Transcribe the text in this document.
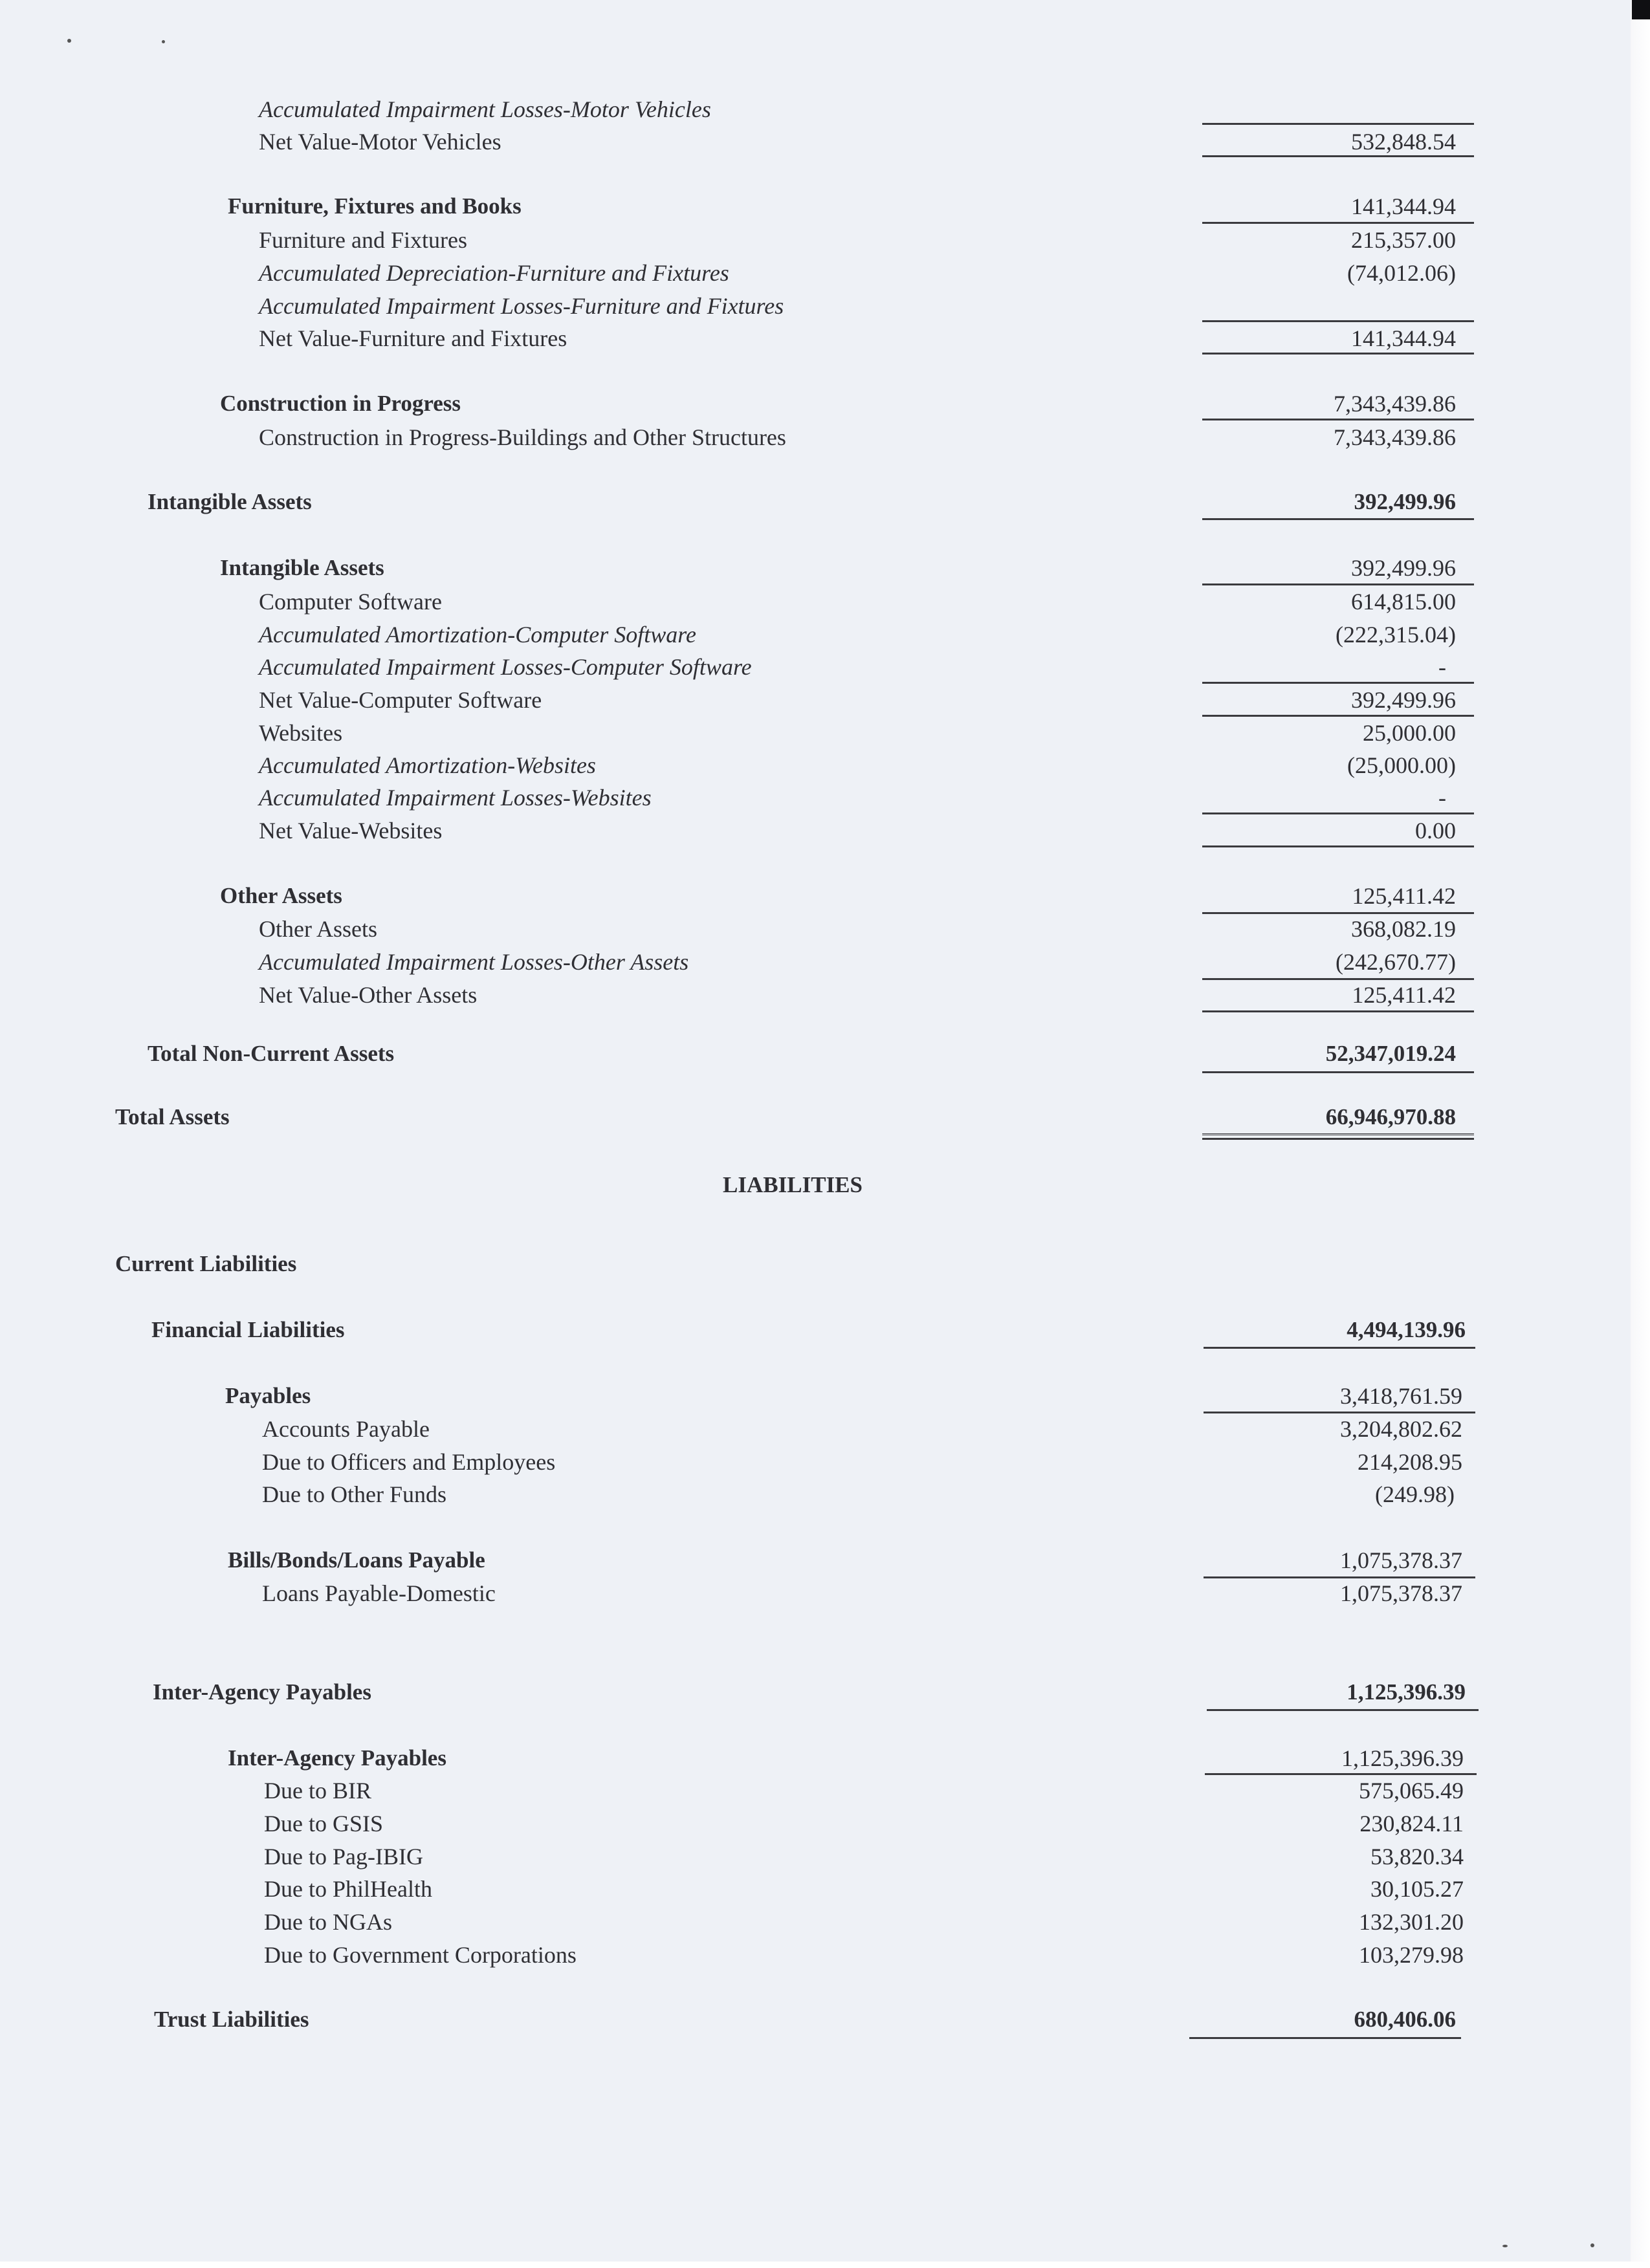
Accumulated Impairment Losses-Motor Vehicles
Net Value-Motor Vehicles	532,848.54
Furniture, Fixtures and Books	141,344.94
Furniture and Fixtures	215,357.00
Accumulated Depreciation-Furniture and Fixtures	(74,012.06)
Accumulated Impairment Losses-Furniture and Fixtures
Net Value-Furniture and Fixtures	141,344.94
Construction in Progress	7,343,439.86
Construction in Progress-Buildings and Other Structures	7,343,439.86
Intangible Assets	392,499.96
Intangible Assets	392,499.96
Computer Software	614,815.00
Accumulated Amortization-Computer Software	(222,315.04)
Accumulated Impairment Losses-Computer Software	-
Net Value-Computer Software	392,499.96
Websites	25,000.00
Accumulated Amortization-Websites	(25,000.00)
Accumulated Impairment Losses-Websites	-
Net Value-Websites	0.00
Other Assets	125,411.42
Other Assets	368,082.19
Accumulated Impairment Losses-Other Assets	(242,670.77)
Net Value-Other Assets	125,411.42
Total Non-Current Assets	52,347,019.24
Total Assets	66,946,970.88
LIABILITIES
Current Liabilities
Financial Liabilities	4,494,139.96
Payables	3,418,761.59
Accounts Payable	3,204,802.62
Due to Officers and Employees	214,208.95
Due to Other Funds	(249.98)
Bills/Bonds/Loans Payable	1,075,378.37
Loans Payable-Domestic	1,075,378.37
Inter-Agency Payables	1,125,396.39
Inter-Agency Payables	1,125,396.39
Due to BIR	575,065.49
Due to GSIS	230,824.11
Due to Pag-IBIG	53,820.34
Due to PhilHealth	30,105.27
Due to NGAs	132,301.20
Due to Government Corporations	103,279.98
Trust Liabilities	680,406.06
